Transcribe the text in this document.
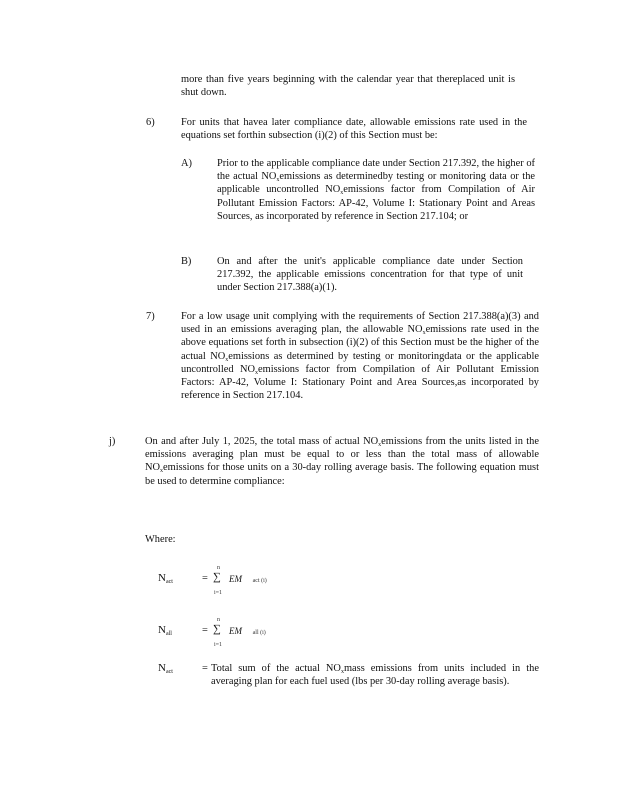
more than five years beginning with the calendar year that thereplaced unit is shut down.
6)	For units that havea later compliance date, allowable emissions rate used in the equations set forthin subsection (i)(2) of this Section must be:
A) Prior to the applicable compliance date under Section 217.392, the higher of the actual $NO_xemissions$ as determinedby testing or monitoring data or the applicable uncontrolled $NO_xemissions$ factor from Compilation of Air Pollutant Emission Factors: AP-42, Volume I: Stationary Point and Areas Sources, as incorporated by reference in Section 217.104; or
B) On and after the unit's applicable compliance date under Section 217.392, the applicable emissions concentration for that type of unit under Section 217.388(a)(1).
7)	For a low usage unit complying with the requirements of Section 217.388(a)(3) and used in an emissions averaging plan, the allowable $NO_xemissions$ rate used in the above equations set forth in subsection (i)(2) of this Section must be the higher of the actual $NO_xemissions$ as determined by testing or monitoringdata or the applicable uncontrolled $NO_xemissions$ factor from Compilation of Air Pollutant Emission Factors: AP-42, Volume I: Stationary Point and Area Sources,as incorporated by reference in Section 217.104.
j)	On and after July 1, 2025, the total mass of actual $NO_xemissions$ from the units listed in the emissions averaging plan must be equal to or less than the total mass of allowable $NO_xemissions$ for those units on a 30-day rolling average basis. The following equation must be used to determine compliance:
Where:
$N_{act}$	=
n
∑
i=1
EM act (i)
$N_{all}$	=
n
∑
i=1
EM all (i)
$N_{act}$	= Total sum of the actual $NO_xmass$ emissions from units included in the averaging plan for each fuel used (lbs per 30-day rolling average basis).
